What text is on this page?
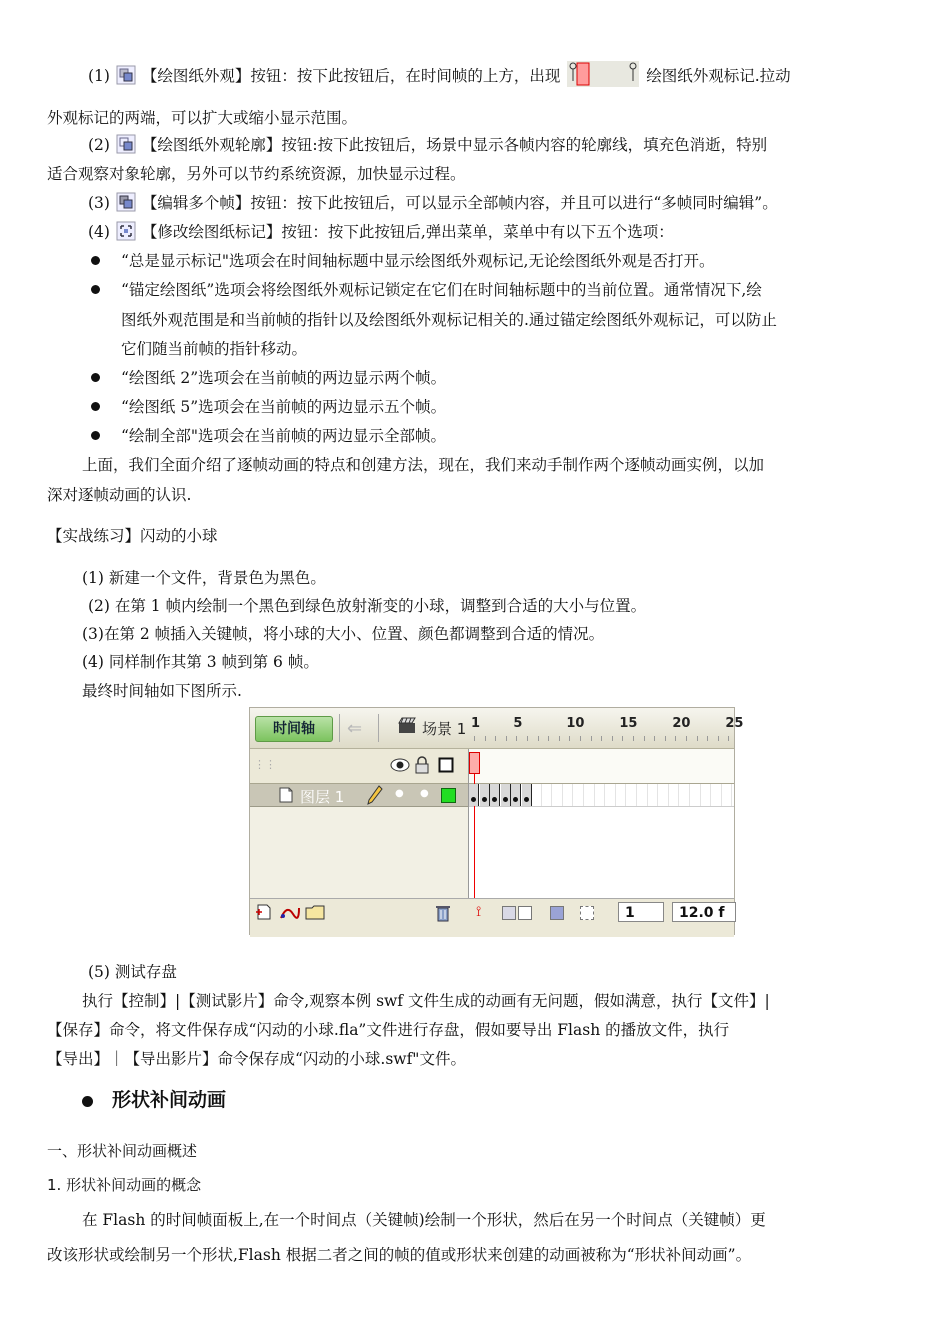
(1) 【绘图纸外观】按钮：按下此按钮后，在时间帧的上方，出现	绘图纸外观标记.拉动
外观标记的两端，可以扩大或缩小显示范围。
(2) 【绘图纸外观轮廓】按钮:按下此按钮后，场景中显示各帧内容的轮廓线，填充色消逝，特别
适合观察对象轮廓，另外可以节约系统资源，加快显示过程。
(3) 【编辑多个帧】按钮：按下此按钮后，可以显示全部帧内容，并且可以进行“多帧同时编辑”。
(4) 【修改绘图纸标记】按钮：按下此按钮后,弹出菜单，菜单中有以下五个选项：
“总是显示标记"选项会在时间轴标题中显示绘图纸外观标记,无论绘图纸外观是否打开。
“锚定绘图纸”选项会将绘图纸外观标记锁定在它们在时间轴标题中的当前位置。通常情况下,绘
图纸外观范围是和当前帧的指针以及绘图纸外观标记相关的.通过锚定绘图纸外观标记，可以防止
它们随当前帧的指针移动。
“绘图纸 2”选项会在当前帧的两边显示两个帧。
“绘图纸 5”选项会在当前帧的两边显示五个帧。
“绘制全部"选项会在当前帧的两边显示全部帧。
上面，我们全面介绍了逐帧动画的特点和创建方法，现在，我们来动手制作两个逐帧动画实例，以加
深对逐帧动画的认识.
【实战练习】闪动的小球
(1) 新建一个文件，背景色为黑色。
(2) 在第 1 帧内绘制一个黑色到绿色放射渐变的小球，调整到合适的大小与位置。
(3)在第 2 帧插入关键帧，将小球的大小、位置、颜色都调整到合适的情况。
(4) 同样制作其第 3 帧到第 6 帧。
最终时间轴如下图所示.
时间轴	⇐	场景 1
⋮⋮
图层 1	● ●
⟟	1	12.0 f
1	5	10	15	20	25
(5) 测试存盘
执行【控制】|【测试影片】命令,观察本例 swf 文件生成的动画有无问题，假如满意，执行【文件】|
【保存】命令，将文件保存成“闪动的小球.fla”文件进行存盘，假如要导出 Flash 的播放文件，执行
【导出】｜【导出影片】命令保存成“闪动的小球.swf"文件。
形状补间动画
一、形状补间动画概述
1. 形状补间动画的概念
在 Flash 的时间帧面板上,在一个时间点（关键帧)绘制一个形状，然后在另一个时间点（关键帧）更
改该形状或绘制另一个形状,Flash 根据二者之间的帧的值或形状来创建的动画被称为“形状补间动画”。
